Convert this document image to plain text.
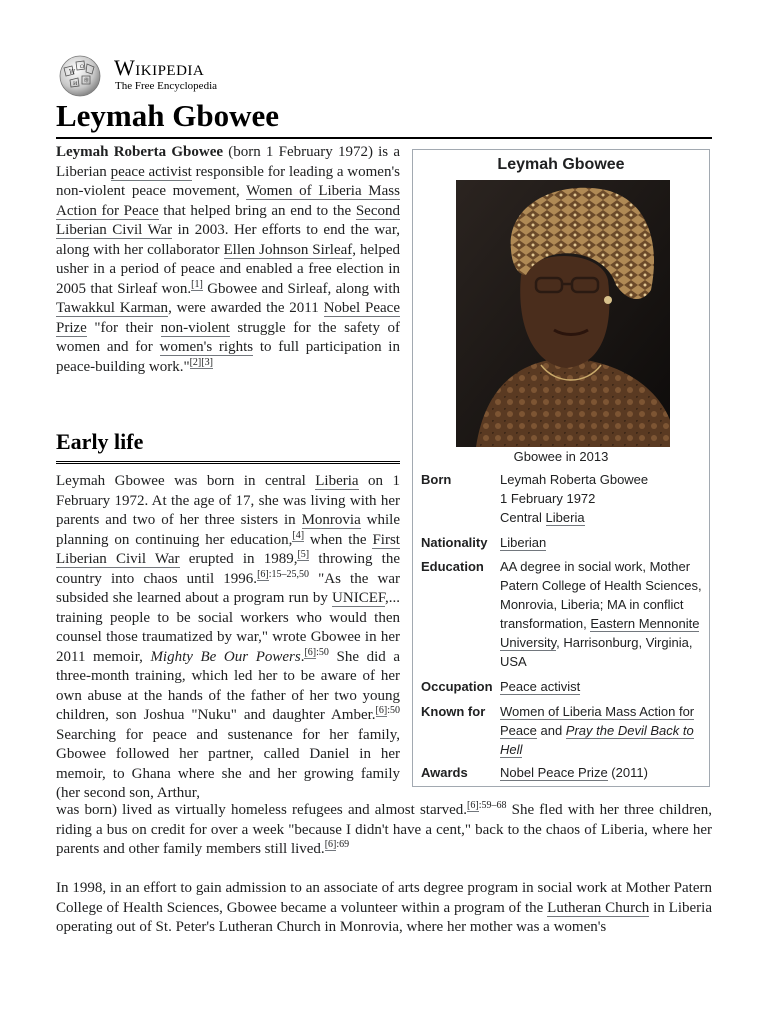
W
Ω
И 维
Wikipedia
The Free Encyclopedia
Leymah Gbowee

Leymah Roberta Gbowee (born 1 February 1972) is a Liberian peace activist responsible for leading a women's non-violent peace movement, Women of Liberia Mass Action for Peace that helped bring an end to the Second Liberian Civil War in 2003. Her efforts to end the war, along with her collaborator Ellen Johnson Sirleaf, helped usher in a period of peace and enabled a free election in 2005 that Sirleaf won.[1] Gbowee and Sirleaf, along with Tawakkul Karman, were awarded the 2011 Nobel Peace Prize "for their non-violent struggle for the safety of women and for women's rights to full participation in peace-building work."[2][3]

Early life

Leymah Gbowee was born in central Liberia on 1 February 1972. At the age of 17, she was living with her parents and two of her three sisters in Monrovia while planning on continuing her education,[4] when the First Liberian Civil War erupted in 1989,[5] throwing the country into chaos until 1996.$^{[6]:15-25,50}$ "As the war subsided she learned about a program run by UNICEF,... training people to be social workers who would then counsel those traumatized by war," wrote Gbowee in her 2011 memoir, Mighty Be Our Powers.$^{[6]:50}$ She did a three-month training, which led her to be aware of her own abuse at the hands of the father of her two young children, son Joshua "Nuku" and daughter Amber.$^{[6]:50}$ Searching for peace and sustenance for her family, Gbowee followed her partner, called Daniel in her memoir, to Ghana where she and her growing family (her second son, Arthur,

was born) lived as virtually homeless refugees and almost starved.$^{[6]:59-68}$ She fled with her three children, riding a bus on credit for over a week "because I didn't have a cent," back to the chaos of Liberia, where her parents and other family members still lived.$^{[6]:69}$

In 1998, in an effort to gain admission to an associate of arts degree program in social work at Mother Patern College of Health Sciences, Gbowee became a volunteer within a program of the Lutheran Church in Liberia operating out of St. Peter's Lutheran Church in Monrovia, where her mother was a women's

Leymah Gbowee
Gbowee in 2013
Born	Leymah Roberta Gbowee
1 February 1972
Central Liberia
Nationality Liberian
Education	AA degree in social work, Mother Patern College of Health Sciences, Monrovia, Liberia; MA in conflict transformation, Eastern Mennonite University, Harrisonburg, Virginia, USA
Occupation Peace activist
Known for	Women of Liberia Mass Action for Peace and Pray the Devil Back to Hell
Awards	Nobel Peace Prize (2011)
